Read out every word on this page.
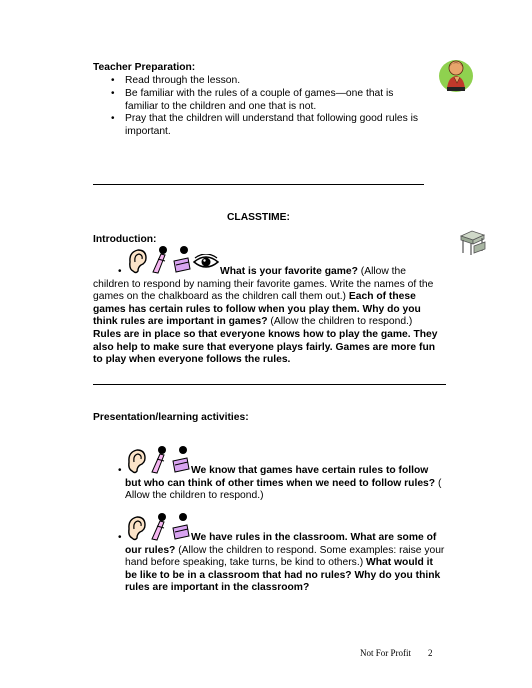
Teacher Preparation:
• Read through the lesson.
• Be familiar with the rules of a couple of games—one that is familiar to the children and one that is not.
• Pray that the children will understand that following good rules is important.
CLASSTIME:
Introduction:
•	What is your favorite game? (Allow the children to respond by naming their favorite games. Write the names of the games on the chalkboard as the children call them out.) Each of these games has certain rules to follow when you play them. Why do you think rules are important in games? (Allow the children to respond.) Rules are in place so that everyone knows how to play the game. They also help to make sure that everyone plays fairly. Games are more fun to play when everyone follows the rules.
Presentation/learning activities:
•	We know that games have certain rules to follow but who can think of other times when we need to follow rules? ( Allow the children to respond.)
•	We have rules in the classroom. What are some of our rules? (Allow the children to respond. Some examples: raise your hand before speaking, take turns, be kind to others.) What would it be like to be in a classroom that had no rules? Why do you think rules are important in the classroom?
Not For Profit 2
